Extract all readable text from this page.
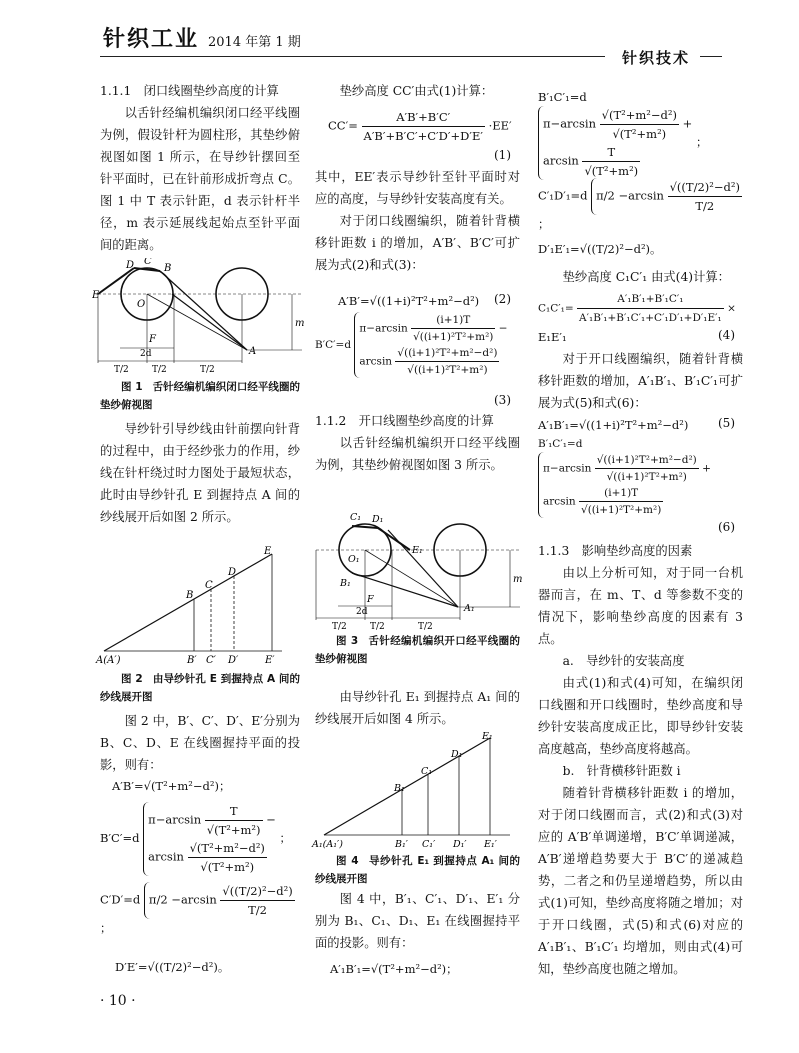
针织工业 2014 年第 1 期
针织技术

1.1.1　闭口线圈垫纱高度的计算

以舌针经编机编织闭口经平线圈为例，假设针杆为圆柱形，其垫纱俯视图如图 1 所示，在导纱针摆回至针平面时，已在针前形成折弯点 C。图 1 中 T 表示针距，d 表示针杆半径，m 表示延展线起始点至针平面间的距离。

E
D C
B
O
F
A
2d
m
T/2	T/2	T/2

图 1 舌针经编机编织闭口经平线圈的垫纱俯视图

导纱针引导纱线由针前摆向针背的过程中，由于经纱张力的作用，纱线在针杆绕过时力图处于最短状态，此时由导纱针孔 E 到握持点 A 间的纱线展开后如图 2 所示。

A(A′)	B′ C′ D′	E′
B
C
D
E

图 2 由导纱针孔 E 到握持点 A 间的纱线展开图

图 2 中，B′、C′、D′、E′分别为 B、C、D、E 在线圈握持平面的投影，则有：

A′B′=√(T²+m²−d²)；
B′C′=d $\pi-\arcsin \frac{T}{\text{√(T²+m²)}}$ −
$\arcsin \frac{\text{√(T²+m²−d²)}}{\text{√(T²+m²)}}$
；
C′D′=d $\pi/2 -\arcsin \frac{\text{√((T/2)²−d²)}}{T/2}$
；
D′E′=√((T/2)²−d²)。

垫纱高度 CC′由式(1)计算：

$CC'= \frac{A'B'+B'C'}{A'B'+B'C'+C'D'+D'E'} \cdot EE'$
(1)

其中，EE′表示导纱针至针平面时对应的高度，与导纱针安装高度有关。

对于闭口线圈编织，随着针背横移针距数 i 的增加，A′B′、B′C′可扩展为式(2)和式(3)：

A′B′=√((1+i)²T²+m²−d²) (2)
B′C′=d $\pi-\arcsin \frac{(i+1)T}{\text{√((i+1)²T²+m²)}}$ −
$\arcsin \frac{\text{√((i+1)²T²+m²−d²)}}{\text{√((i+1)²T²+m²)}}$
(3)

1.1.2　开口线圈垫纱高度的计算

以舌针经编机编织开口经平线圈为例，其垫纱俯视图如图 3 所示。

C₁ D₁
O₁
E₁
B₁
F
A₁
2d
m
T/2	T/2	T/2

图 3 舌针经编机编织开口经平线圈的垫纱俯视图

由导纱针孔 E₁ 到握持点 A₁ 间的纱线展开后如图 4 所示。

A₁(A₁′)	B₁′ C₁′ D₁′ E₁′
B₁
C₁
D₁
E₁

图 4 导纱针孔 E₁ 到握持点 A₁ 间的纱线展开图

图 4 中，B′₁、C′₁、D′₁、E′₁ 分别为 B₁、C₁、D₁、E₁ 在线圈握持平面的投影。则有：

A′₁B′₁=√(T²+m²−d²)；
B′₁C′₁=d $\pi-\arcsin \frac{\text{√(T²+m²−d²)}}{\text{√(T²+m²)}}$ +
$\arcsin \frac{T}{\text{√(T²+m²)}}$
；
C′₁D′₁=d $\pi/2 -\arcsin \frac{\text{√((T/2)²−d²)}}{T/2}$
；
D′₁E′₁=√((T/2)²−d²)。

垫纱高度 C₁C′₁ 由式(4)计算：

$C_1C'_1= \frac{\text{A′₁B′₁+B′₁C′₁}}{\text{A′₁B′₁+B′₁C′₁+C′₁D′₁+D′₁E′₁}}$ ×
E₁E′₁	(4)

对于开口线圈编织，随着针背横移针距数的增加，A′₁B′₁、B′₁C′₁可扩展为式(5)和式(6)：

A′₁B′₁=√((1+i)²T²+m²−d²) (5)
B′₁C′₁=d $\pi-\arcsin \frac{\text{√((i+1)²T²+m²−d²)}}{\text{√((i+1)²T²+m²)}}$ +
$\arcsin \frac{(i+1)T}{\text{√((i+1)²T²+m²)}}$
(6)

1.1.3　影响垫纱高度的因素

由以上分析可知，对于同一台机器而言，在 m、T、d 等参数不变的情况下，影响垫纱高度的因素有 3 点。

a.　导纱针的安装高度

由式(1)和式(4)可知，在编织闭口线圈和开口线圈时，垫纱高度和导纱针安装高度成正比，即导纱针安装高度越高，垫纱高度将越高。

b.　针背横移针距数 i

随着针背横移针距数 i 的增加，对于闭口线圈而言，式(2)和式(3)对应的 A′B′单调递增，B′C′单调递减，A′B′递增趋势要大于 B′C′的递减趋势，二者之和仍呈递增趋势，所以由式(1)可知，垫纱高度将随之增加；对于开口线圈，式(5)和式(6)对应的 A′₁B′₁、B′₁C′₁ 均增加，则由式(4)可知，垫纱高度也随之增加。

· 10 ·
